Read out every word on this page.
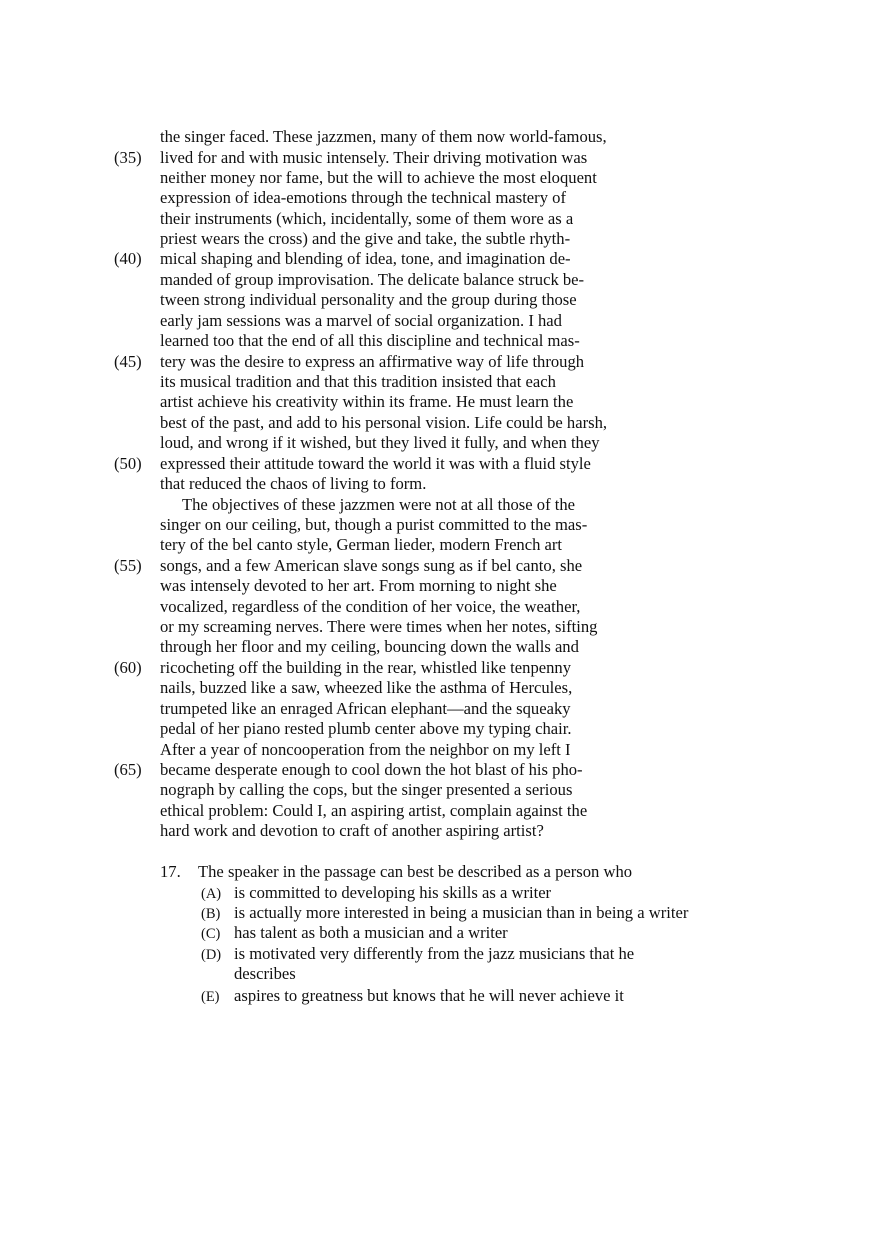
the singer faced. These jazzmen, many of them now world-famous,
lived for and with music intensely. Their driving motivation was
neither money nor fame, but the will to achieve the most eloquent
expression of idea-emotions through the technical mastery of
their instruments (which, incidentally, some of them wore as a
priest wears the cross) and the give and take, the subtle rhyth-
mical shaping and blending of idea, tone, and imagination de-
manded of group improvisation. The delicate balance struck be-
tween strong individual personality and the group during those
early jam sessions was a marvel of social organization. I had
learned too that the end of all this discipline and technical mas-
tery was the desire to express an affirmative way of life through
its musical tradition and that this tradition insisted that each
artist achieve his creativity within its frame. He must learn the
best of the past, and add to his personal vision. Life could be harsh,
loud, and wrong if it wished, but they lived it fully, and when they
expressed their attitude toward the world it was with a fluid style
that reduced the chaos of living to form.
The objectives of these jazzmen were not at all those of the
singer on our ceiling, but, though a purist committed to the mas-
tery of the bel canto style, German lieder, modern French art
songs, and a few American slave songs sung as if bel canto, she
was intensely devoted to her art. From morning to night she
vocalized, regardless of the condition of her voice, the weather,
or my screaming nerves. There were times when her notes, sifting
through her floor and my ceiling, bouncing down the walls and
ricocheting off the building in the rear, whistled like tenpenny
nails, buzzed like a saw, wheezed like the asthma of Hercules,
trumpeted like an enraged African elephant—and the squeaky
pedal of her piano rested plumb center above my typing chair.
After a year of noncooperation from the neighbor on my left I
became desperate enough to cool down the hot blast of his pho-
nograph by calling the cops, but the singer presented a serious
ethical problem: Could I, an aspiring artist, complain against the
hard work and devotion to craft of another aspiring artist?
(35)
(40)
(45)
(50)
(55)
(60)
(65)
17. The speaker in the passage can best be described as a person who
(A) is committed to developing his skills as a writer
(B) is actually more interested in being a musician than in being a writer
(C) has talent as both a musician and a writer
(D) is motivated very differently from the jazz musicians that he
describes
(E) aspires to greatness but knows that he will never achieve it
